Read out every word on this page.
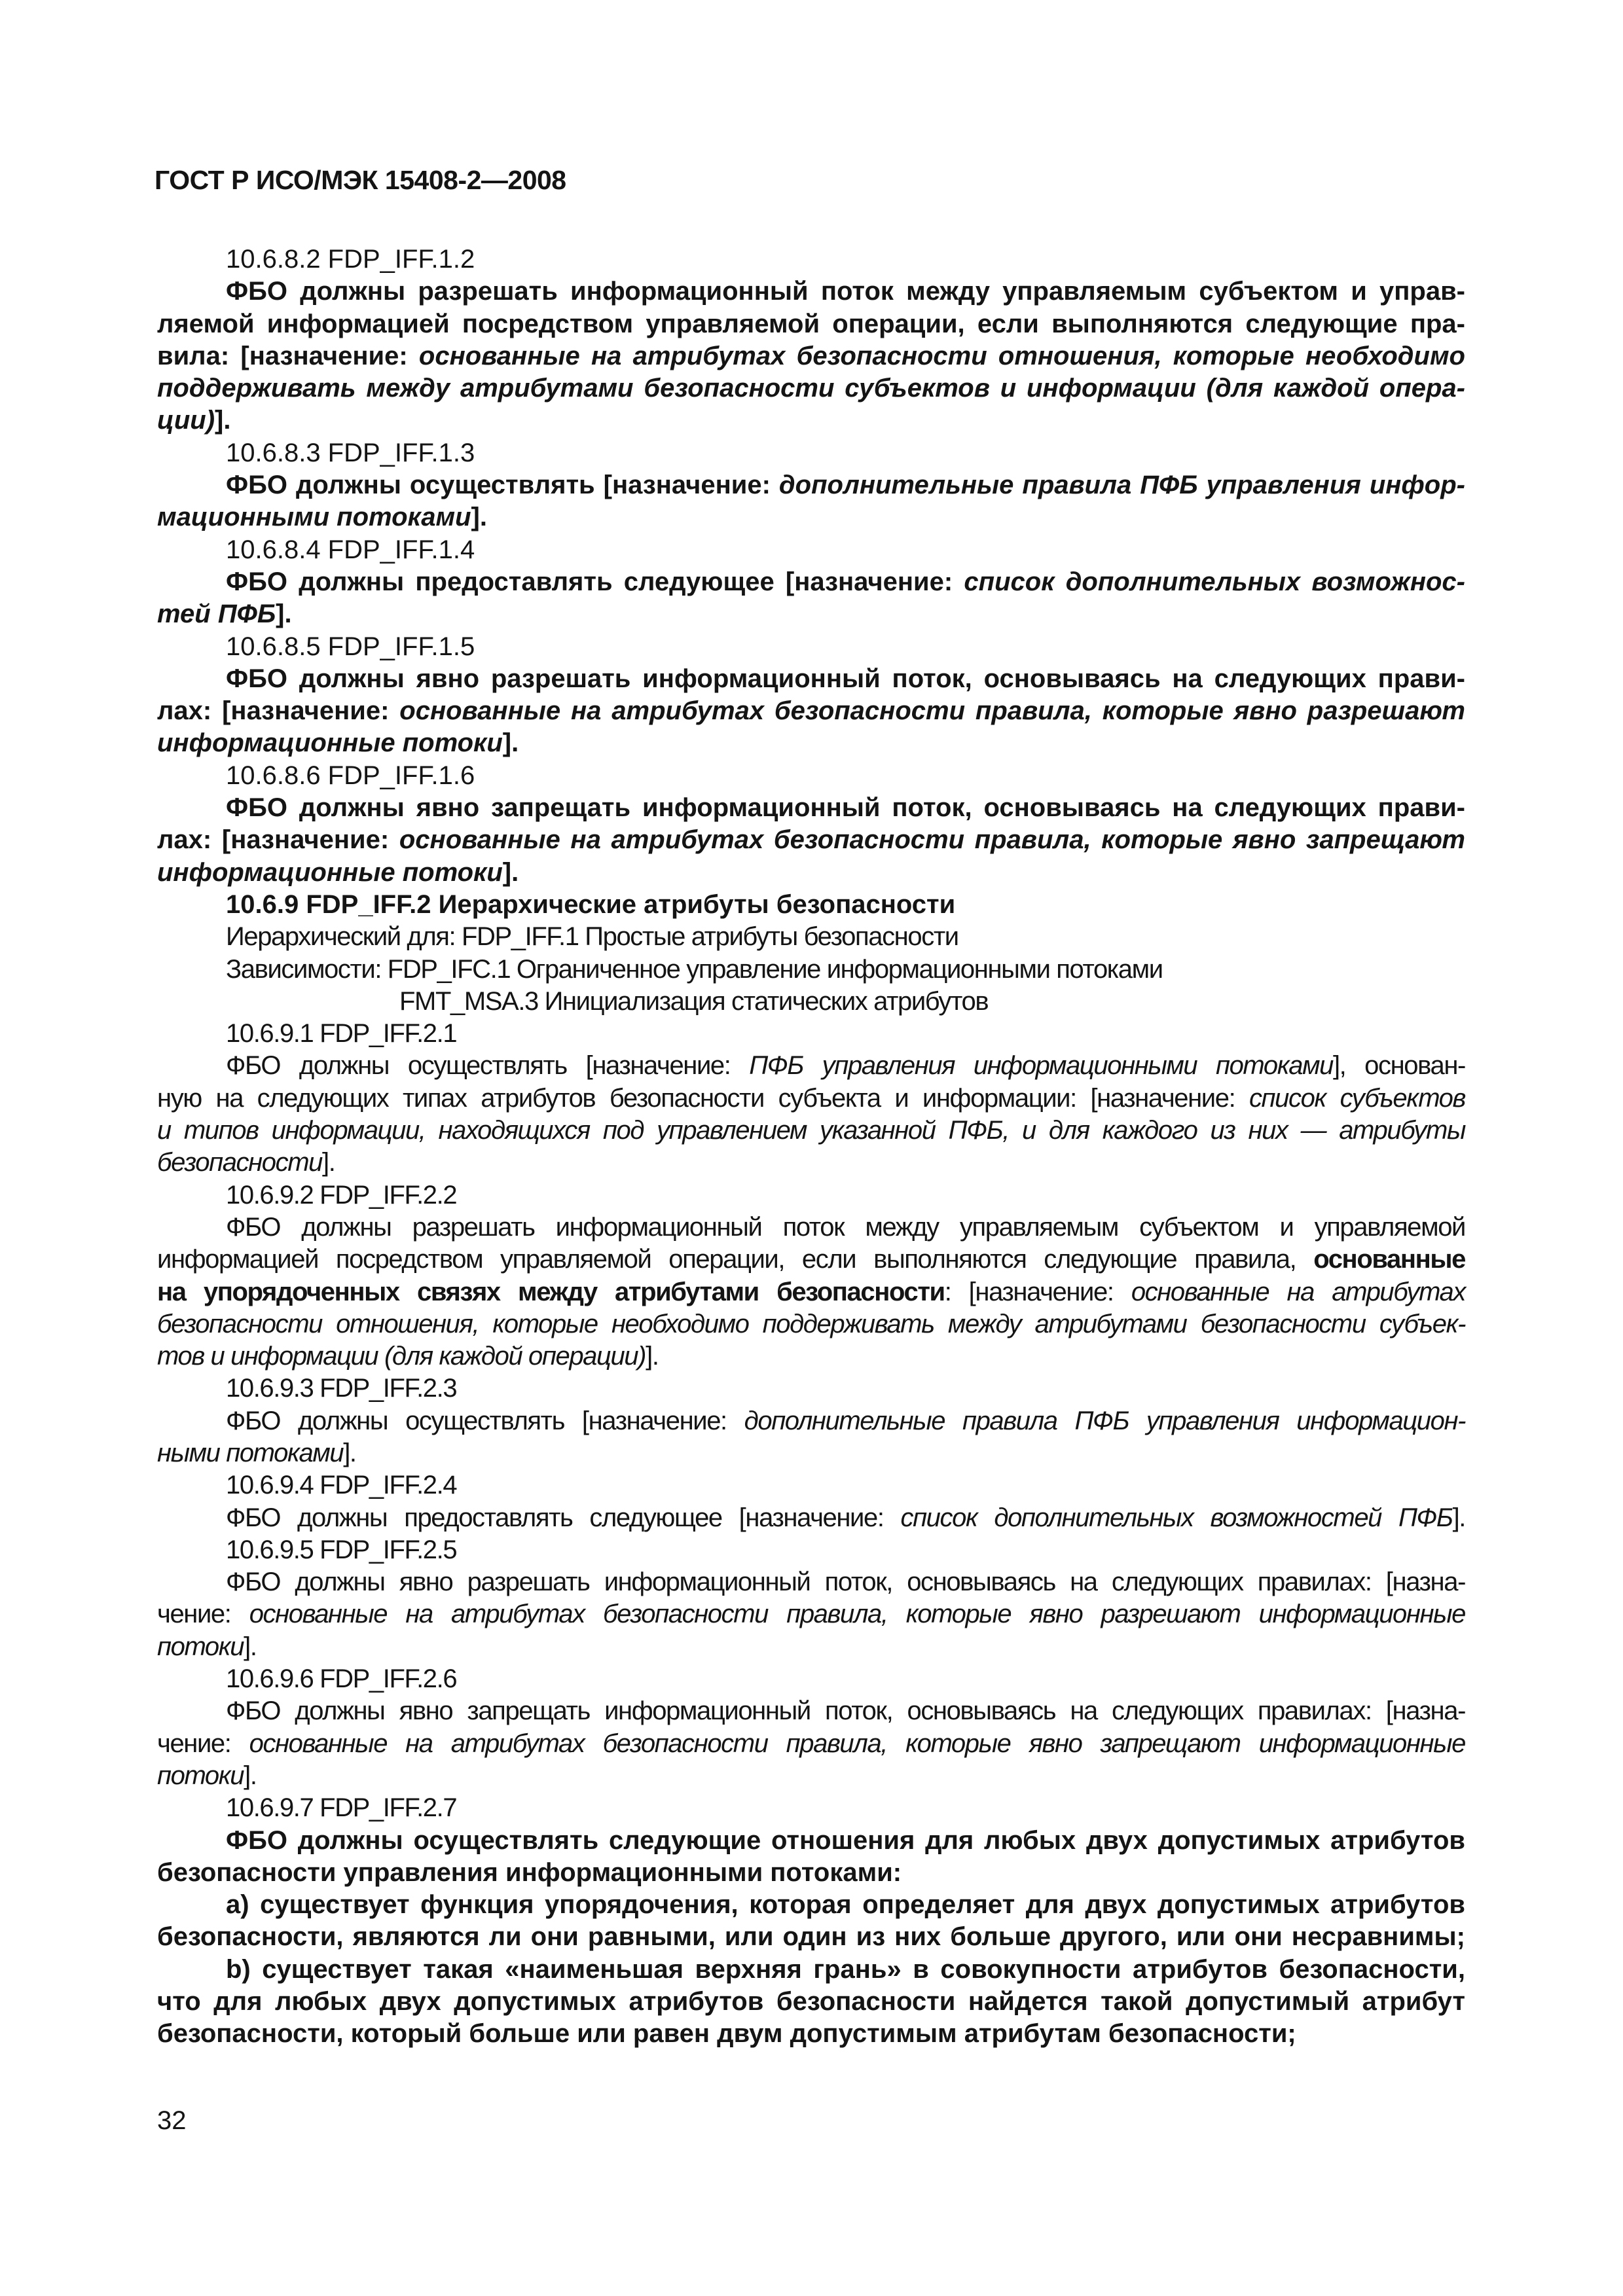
ГОСТ Р ИСО/МЭК 15408-2—2008
10.6.8.2 FDP_IFF.1.2
ФБО должны разрешать информационный поток между управляемым субъектом и управ-
ляемой информацией посредством управляемой операции, если выполняются следующие пра-
вила: [назначение: основанные на атрибутах безопасности отношения, которые необходимо
поддерживать между атрибутами безопасности субъектов и информации (для каждой опера-
ции)].
10.6.8.3 FDP_IFF.1.3
ФБО должны осуществлять [назначение: дополнительные правила ПФБ управления инфор-
мационными потоками].
10.6.8.4 FDP_IFF.1.4
ФБО должны предоставлять следующее [назначение: список дополнительных возможнос-
тей ПФБ].
10.6.8.5 FDP_IFF.1.5
ФБО должны явно разрешать информационный поток, основываясь на следующих прави-
лах: [назначение: основанные на атрибутах безопасности правила, которые явно разрешают
информационные потоки].
10.6.8.6 FDP_IFF.1.6
ФБО должны явно запрещать информационный поток, основываясь на следующих прави-
лах: [назначение: основанные на атрибутах безопасности правила, которые явно запрещают
информационные потоки].
10.6.9 FDP_IFF.2 Иерархические атрибуты безопасности
Иерархический для: FDP_IFF.1 Простые атрибуты безопасности
Зависимости: FDP_IFC.1 Ограниченное управление информационными потоками
FMT_MSA.3 Инициализация статических атрибутов
10.6.9.1 FDP_IFF.2.1
ФБО должны осуществлять [назначение: ПФБ управления информационными потоками], основан-
ную на следующих типах атрибутов безопасности субъекта и информации: [назначение: список субъектов
и типов информации, находящихся под управлением указанной ПФБ, и для каждого из них — атрибуты
безопасности].
10.6.9.2 FDP_IFF.2.2
ФБО должны разрешать информационный поток между управляемым субъектом и управляемой
информацией посредством управляемой операции, если выполняются следующие правила, основанные
на упорядоченных связях между атрибутами безопасности: [назначение: основанные на атрибутах
безопасности отношения, которые необходимо поддерживать между атрибутами безопасности субъек-
тов и информации (для каждой операции)].
10.6.9.3 FDP_IFF.2.3
ФБО должны осуществлять [назначение: дополнительные правила ПФБ управления информацион-
ными потоками].
10.6.9.4 FDP_IFF.2.4
ФБО должны предоставлять следующее [назначение: список дополнительных возможностей ПФБ].
10.6.9.5 FDP_IFF.2.5
ФБО должны явно разрешать информационный поток, основываясь на следующих правилах: [назна-
чение: основанные на атрибутах безопасности правила, которые явно разрешают информационные
потоки].
10.6.9.6 FDP_IFF.2.6
ФБО должны явно запрещать информационный поток, основываясь на следующих правилах: [назна-
чение: основанные на атрибутах безопасности правила, которые явно запрещают информационные
потоки].
10.6.9.7 FDP_IFF.2.7
ФБО должны осуществлять следующие отношения для любых двух допустимых атрибутов
безопасности управления информационными потоками:
а) существует функция упорядочения, которая определяет для двух допустимых атрибутов
безопасности, являются ли они равными, или один из них больше другого, или они несравнимы;
b) существует такая «наименьшая верхняя грань» в совокупности атрибутов безопасности,
что для любых двух допустимых атрибутов безопасности найдется такой допустимый атрибут
безопасности, который больше или равен двум допустимым атрибутам безопасности;
32
